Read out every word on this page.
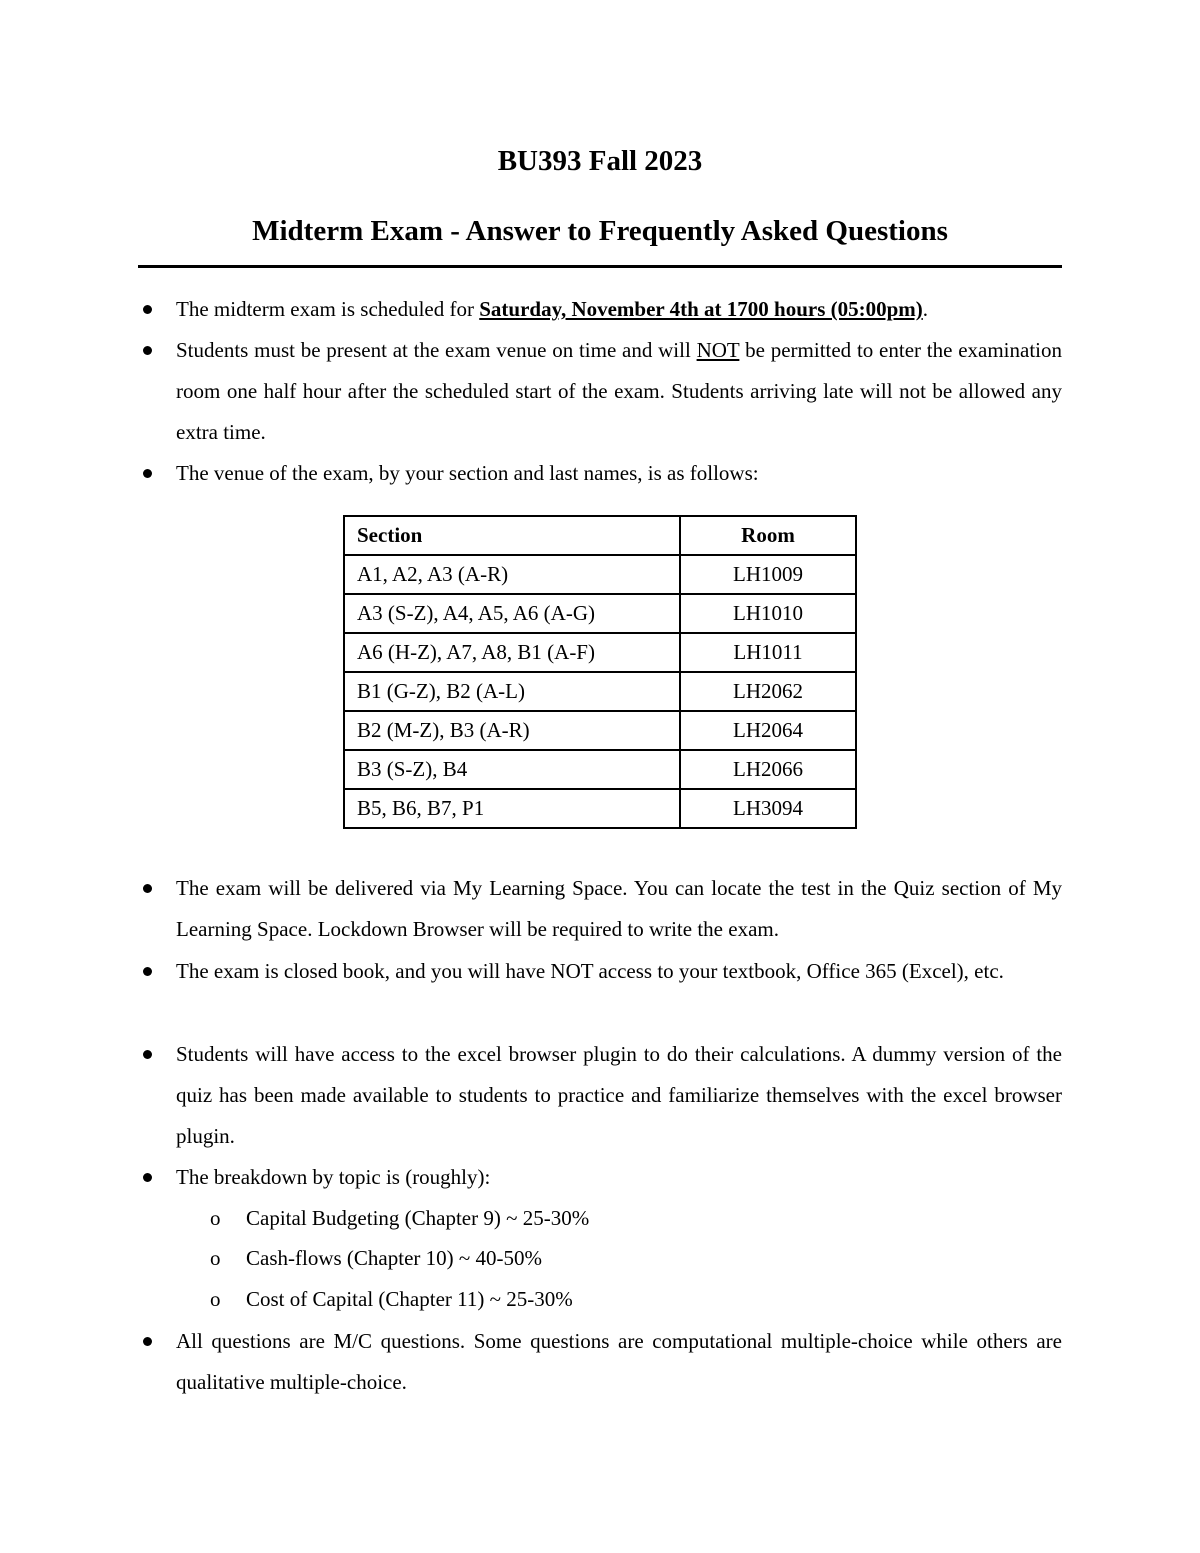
BU393 Fall 2023
Midterm Exam - Answer to Frequently Asked Questions
The midterm exam is scheduled for Saturday, November 4th at 1700 hours (05:00pm).
Students must be present at the exam venue on time and will NOT be permitted to enter the examination room one half hour after the scheduled start of the exam. Students arriving late will not be allowed any extra time.
The venue of the exam, by your section and last names, is as follows:
Section	Room
A1, A2, A3 (A-R)	LH1009
A3 (S-Z), A4, A5, A6 (A-G)	LH1010
A6 (H-Z), A7, A8, B1 (A-F)	LH1011
B1 (G-Z), B2 (A-L)	LH2062
B2 (M-Z), B3 (A-R)	LH2064
B3 (S-Z), B4	LH2066
B5, B6, B7, P1	LH3094
The exam will be delivered via My Learning Space. You can locate the test in the Quiz section of My Learning Space. Lockdown Browser will be required to write the exam.
The exam is closed book, and you will have NOT access to your textbook, Office 365 (Excel), etc.
Students will have access to the excel browser plugin to do their calculations. A dummy version of the quiz has been made available to students to practice and familiarize themselves with the excel browser plugin.
The breakdown by topic is (roughly):
o Capital Budgeting (Chapter 9) ~ 25-30%
o Cash-flows (Chapter 10) ~ 40-50%
o Cost of Capital (Chapter 11) ~ 25-30%
All questions are M/C questions. Some questions are computational multiple-choice while others are qualitative multiple-choice.
